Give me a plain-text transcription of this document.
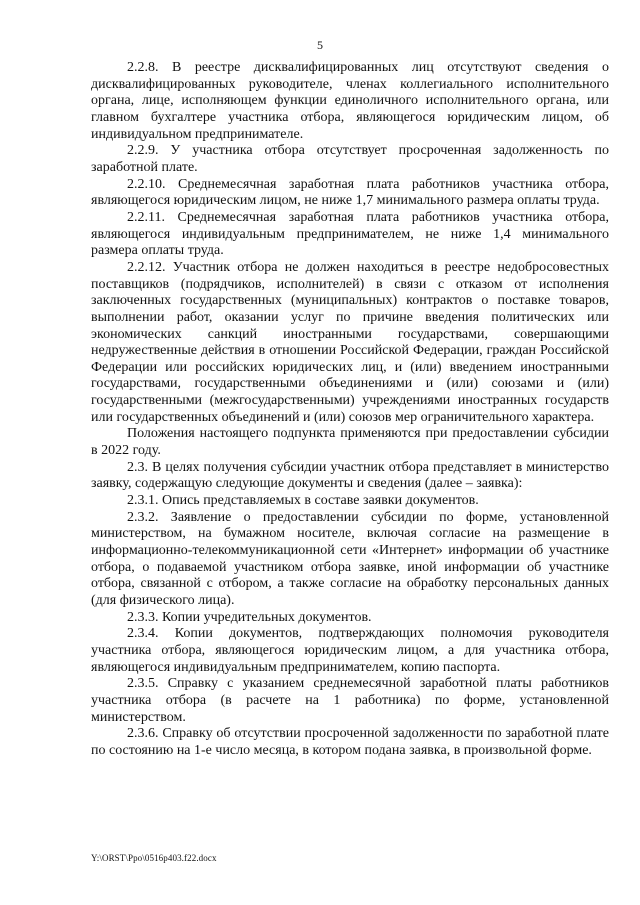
5

2.2.8. В реестре дисквалифицированных лиц отсутствуют сведения о дисквалифицированных руководителе, членах коллегиального исполнительного органа, лице, исполняющем функции единоличного исполнительного органа, или главном бухгалтере участника отбора, являющегося юридическим лицом, об индивидуальном предпринимателе.

2.2.9. У участника отбора отсутствует просроченная задолженность по заработной плате.

2.2.10. Среднемесячная заработная плата работников участника отбора, являющегося юридическим лицом, не ниже 1,7 минимального размера оплаты труда.

2.2.11. Среднемесячная заработная плата работников участника отбора, являющегося индивидуальным предпринимателем, не ниже 1,4 минимального размера оплаты труда.

2.2.12. Участник отбора не должен находиться в реестре недобросовестных поставщиков (подрядчиков, исполнителей) в связи с отказом от исполнения заключенных государственных (муниципальных) контрактов о поставке товаров, выполнении работ, оказании услуг по причине введения политических или экономических санкций иностранными государствами, совершающими недружественные действия в отношении Российской Федерации, граждан Российской Федерации или российских юридических лиц, и (или) введением иностранными государствами, государственными объединениями и (или) союзами и (или) государственными (межгосударственными) учреждениями иностранных государств или государственных объединений и (или) союзов мер ограничительного характера.

Положения настоящего подпункта применяются при предоставлении субсидии в 2022 году.

2.3. В целях получения субсидии участник отбора представляет в министерство заявку, содержащую следующие документы и сведения (далее – заявка):

2.3.1. Опись представляемых в составе заявки документов.

2.3.2. Заявление о предоставлении субсидии по форме, установленной министерством, на бумажном носителе, включая согласие на размещение в информационно-телекоммуникационной сети «Интернет» информации об участнике отбора, о подаваемой участником отбора заявке, иной информации об участнике отбора, связанной с отбором, а также согласие на обработку персональных данных (для физического лица).

2.3.3. Копии учредительных документов.

2.3.4. Копии документов, подтверждающих полномочия руководителя участника отбора, являющегося юридическим лицом, а для участника отбора, являющегося индивидуальным предпринимателем, копию паспорта.

2.3.5. Справку с указанием среднемесячной заработной платы работников участника отбора (в расчете на 1 работника) по форме, установленной министерством.

2.3.6. Справку об отсутствии просроченной задолженности по заработной плате по состоянию на 1-е число месяца, в котором подана заявка, в произвольной форме.

Y:\ORST\Ppo\0516p403.f22.docx
